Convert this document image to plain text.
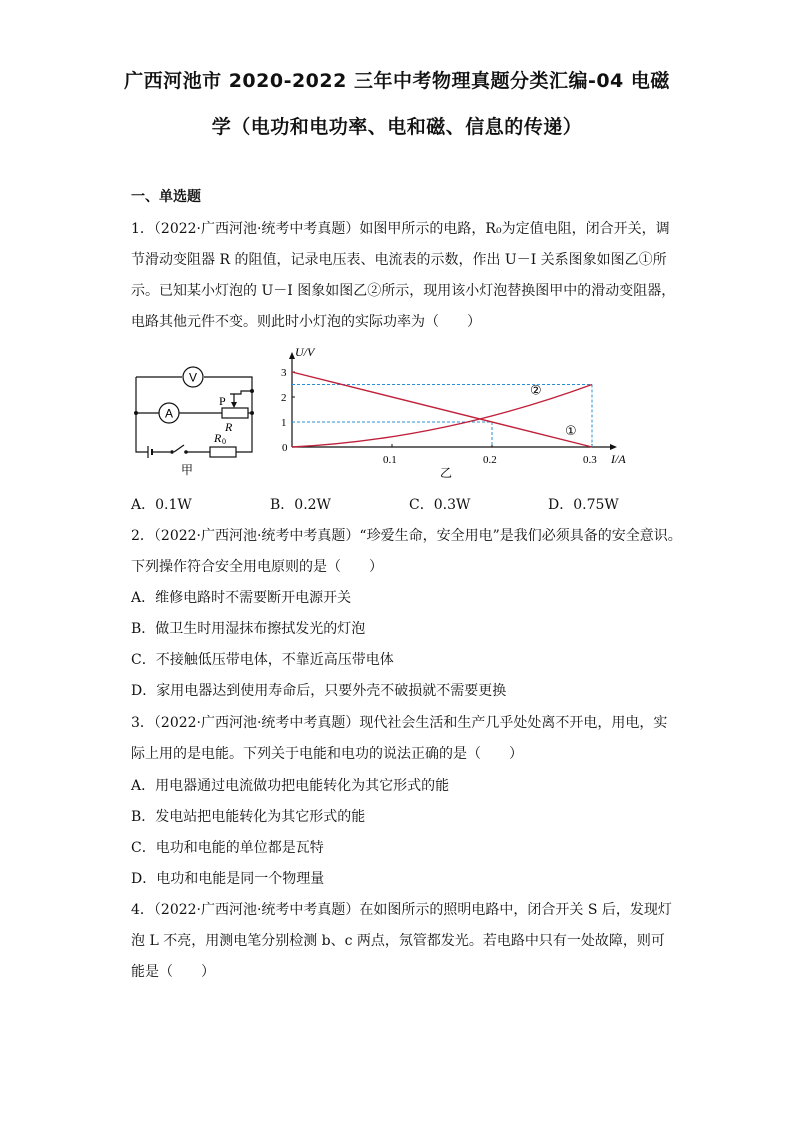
广西河池市 2020-2022 三年中考物理真题分类汇编-04 电磁
学（电功和电功率、电和磁、信息的传递）
一、单选题
1．（2022·广西河池·统考中考真题）如图甲所示的电路，R₀为定值电阻，闭合开关，调
节滑动变阻器 R 的阻值，记录电压表、电流表的示数，作出 U－I 关系图象如图乙①所
示。已知某小灯泡的 U－I 图象如图乙②所示，现用该小灯泡替换图甲中的滑动变阻器，
电路其他元件不变。则此时小灯泡的实际功率为（　　）
V
A
P
R
R 0
甲
U/V
I/A
0
3
2
1
0.1	0.2	0.3
①
②
乙
A．0.1W	B．0.2W	C．0.3W	D．0.75W
2．（2022·广西河池·统考中考真题）“珍爱生命，安全用电”是我们必须具备的安全意识。
下列操作符合安全用电原则的是（　　）
A．维修电路时不需要断开电源开关
B．做卫生时用湿抹布擦拭发光的灯泡
C．不接触低压带电体，不靠近高压带电体
D．家用电器达到使用寿命后，只要外壳不破损就不需要更换
3．（2022·广西河池·统考中考真题）现代社会生活和生产几乎处处离不开电，用电，实
际上用的是电能。下列关于电能和电功的说法正确的是（　　）
A．用电器通过电流做功把电能转化为其它形式的能
B．发电站把电能转化为其它形式的能
C．电功和电能的单位都是瓦特
D．电功和电能是同一个物理量
4．（2022·广西河池·统考中考真题）在如图所示的照明电路中，闭合开关 S 后，发现灯
泡 L 不亮，用测电笔分别检测 b、c 两点，氖管都发光。若电路中只有一处故障，则可
能是（　　）
